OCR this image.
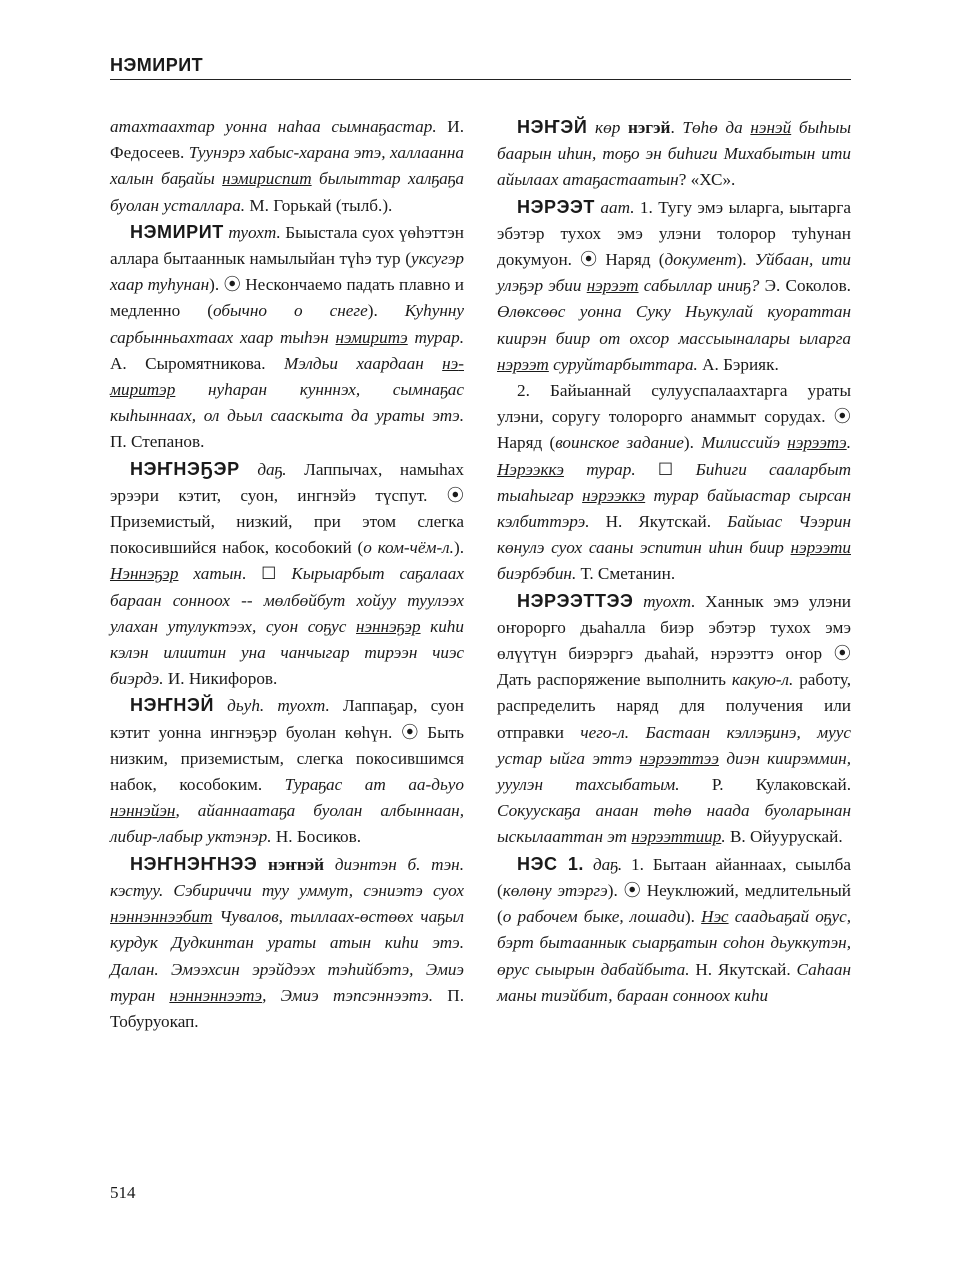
НЭМИРИТ

атахтаахтар уонна наһаа сымнаҕастар. И. Федосеев. Туунэрэ хабыс-харана этэ, халлааннa халын баҕайы нэмириспит былыттар халҕаҕа буолан усталлара. М. Горькай (тылб.).

НЭМИРИТ туохт. Быыстала суох үөһэттэн аллара бытааннык намылыйан түһэ тур (уксугэр хаар туһунан). ⦿ Нескончаемо падать плавно и медленно (обычно о снеге). Куһуннy сарбынньахтаах хаар тыһэн нэмиритэ турар. А. Сыромятникова. Мэлдьи хаардаан нэмиритэр нуһаран кунннэх, сымнаҕас кыһыннаах, ол дьыл сааскыта да ураты этэ. П. Степанов.

НЭҤНЭҔЭР даҕ. Лаппычах, намыһах эрээри кэтит, суон, ингнэйэ түспут. ⦿ Приземистый, низкий, при этом слегка покосившийся набок, кособокий (о ком-чём-л.). Нэннэҕэр хатын. ☐ Кырыарбыт саҕалаах бараан сонноох -- мөлбөйбут хойуу туулээх улахан утулуктээх, суон соҕус нэннэҕэр киһи кэлэн илиитин уна чанчыгар тирээн чиэс биэрдэ. И. Никифоров.

НЭҤНЭЙ дьуһ. туохт. Лаппаҕар, суон кэтит уонна ингнэҕэр буолан көһүн. ⦿ Быть низким, приземистым, слегка покосившимся набок, кособоким. Тураҕас ат аа-дьуо нэннэйэн, айаннаатаҕа буолан албыннаан, либир-лабыр уктэнэр. Н. Босиков.

НЭҤНЭҤНЭЭ нэҥнэй диэнтэн б. тэн. кэстуу. Сэбириччи туу уммут, сэниэтэ суох нэннэннээбит Чувалов, тыллаах-өстөөх чаҕыл курдук Дудкинтан ураты атын киһи этэ. Далан. Эмээхсин эрэйдээх тэһийбэтэ, Эмиэ туран нэннэннээтэ, Эмиэ тэпсэннээтэ. П. Тобуруокап.

НЭҤЭЙ көр нэгэй. Төһө да нэнэй быһыы баарын иһин, тоҕо эн биһиги Михабытын ити айылаах атаҕастаатын? «ХС».

НЭРЭЭТ аат. 1. Тугу эмэ ыларга, ыытарга эбэтэр тухох эмэ улэни толорор туһунан докумуон. ⦿ Наряд (документ). Уйбаан, ити улэҕэр эбии нэрээт сабыллар иниҕ? Э. Соколов. Өлөксөөс уонна Суку Ньукулай куораттан киирэн биир от охсор массыыналары ыларга нэрээт суруйтарбыттара. А. Бэрияк.

2. Байыаннай сулууспалаахтарга ураты улэни, соругу толорорго анаммыт сорудах. ⦿ Наряд (воинское задание). Милиссийэ нэрээтэ. Нэрээккэ турар. ☐ Биһиги сааларбыт тыаһыгар нэрээккэ турар байыастар сырсан кэлбиттэрэ. Н. Якутскай. Байыас Чээрин көнулэ суох сааны эспитин иһин биир нэрээти биэрбэбин. Т. Сметанин.

НЭРЭЭТТЭЭ туохт. Ханнык эмэ улэни оҥорорго дьаһалла биэр эбэтэр тухох эмэ өлүүтүн биэрэргэ дьаһай, нэрээттэ оҥор ⦿ Дать распоряжение выполнить какую-л. работу, распределить наряд для получения или отправки чего-л. Бастаан кэллэҕинэ, муус устар ыйга эттэ нэрээттээ диэн киирэммин, ууулэн тахсыбатым. Р. Кулаковскай. Сокуускаҕа анаан төһө наада буоларынан ыскылааттан эт нэрээттиир. В. Ойуурускай.

НЭС 1. даҕ. 1. Бытаан айаннаах, сыылба (көлөну этэргэ). ⦿ Неуклюжий, медлительный (о рабочем быке, лошади). Нэс саадьаҕай оҕус, бэрт бытааннык сыарҕатын соһон дьуккутэн, өрус сыырын дабайбыта. Н. Якутскай. Саһаан маны тиэйбит, бараан сонноох киһи

514
